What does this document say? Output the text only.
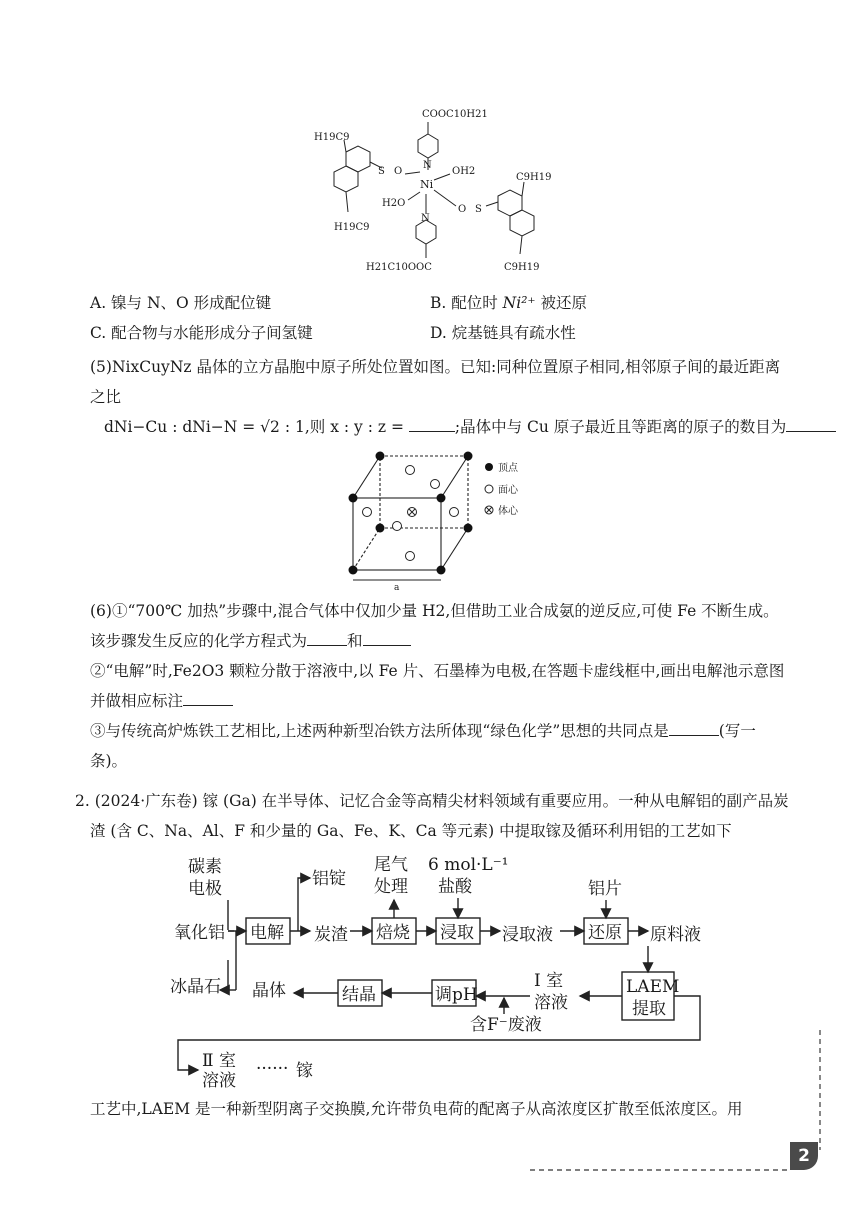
COOC10H21
H19C9
H19C9
C9H19
C9H19
H21C10OOC
Ni
OH2
H2O
N
N
S
S
O
O
A. 镍与 N、O 形成配位键	B. 配位时 Ni²⁺ 被还原
C. 配合物与水能形成分子间氢键	D. 烷基链具有疏水性
(5)NixCuyNz 晶体的立方晶胞中原子所处位置如图。已知:同种位置原子相同,相邻原子间的最近距离
之比
dNi−Cu : dNi−N = √2 : 1,则 x : y : z =	;晶体中与 Cu 原子最近且等距离的原子的数目为
a
顶点
面心
体心
(6)①“700℃ 加热”步骤中,混合气体中仅加少量 H2,但借助工业合成氨的逆反应,可使 Fe 不断生成。
该步骤发生反应的化学方程式为	和
②“电解”时,Fe2O3 颗粒分散于溶液中,以 Fe 片、石墨棒为电极,在答题卡虚线框中,画出电解池示意图
并做相应标注
③与传统高炉炼铁工艺相比,上述两种新型冶铁方法所体现“绿色化学”思想的共同点是	(写一
条)。
2. (2024·广东卷) 镓 (Ga) 在半导体、记忆合金等高精尖材料领域有重要应用。一种从电解铝的副产品炭
渣 (含 C、Na、Al、F 和少量的 Ga、Fe、K、Ca 等元素) 中提取镓及循环利用铝的工艺如下
碳素
电极
氧化铝
冰晶石
铝锭
炭渣
尾气
处理
6 mol·L⁻¹
盐酸
浸取液
铝片
原料液
Ⅰ 室
溶液
含F⁻废液
晶体
Ⅱ 室
溶液
······ 镓
电解	焙烧 浸取	还原
LAEM
提取
调pH
结晶
工艺中,LAEM 是一种新型阴离子交换膜,允许带负电荷的配离子从高浓度区扩散至低浓度区。用
2
